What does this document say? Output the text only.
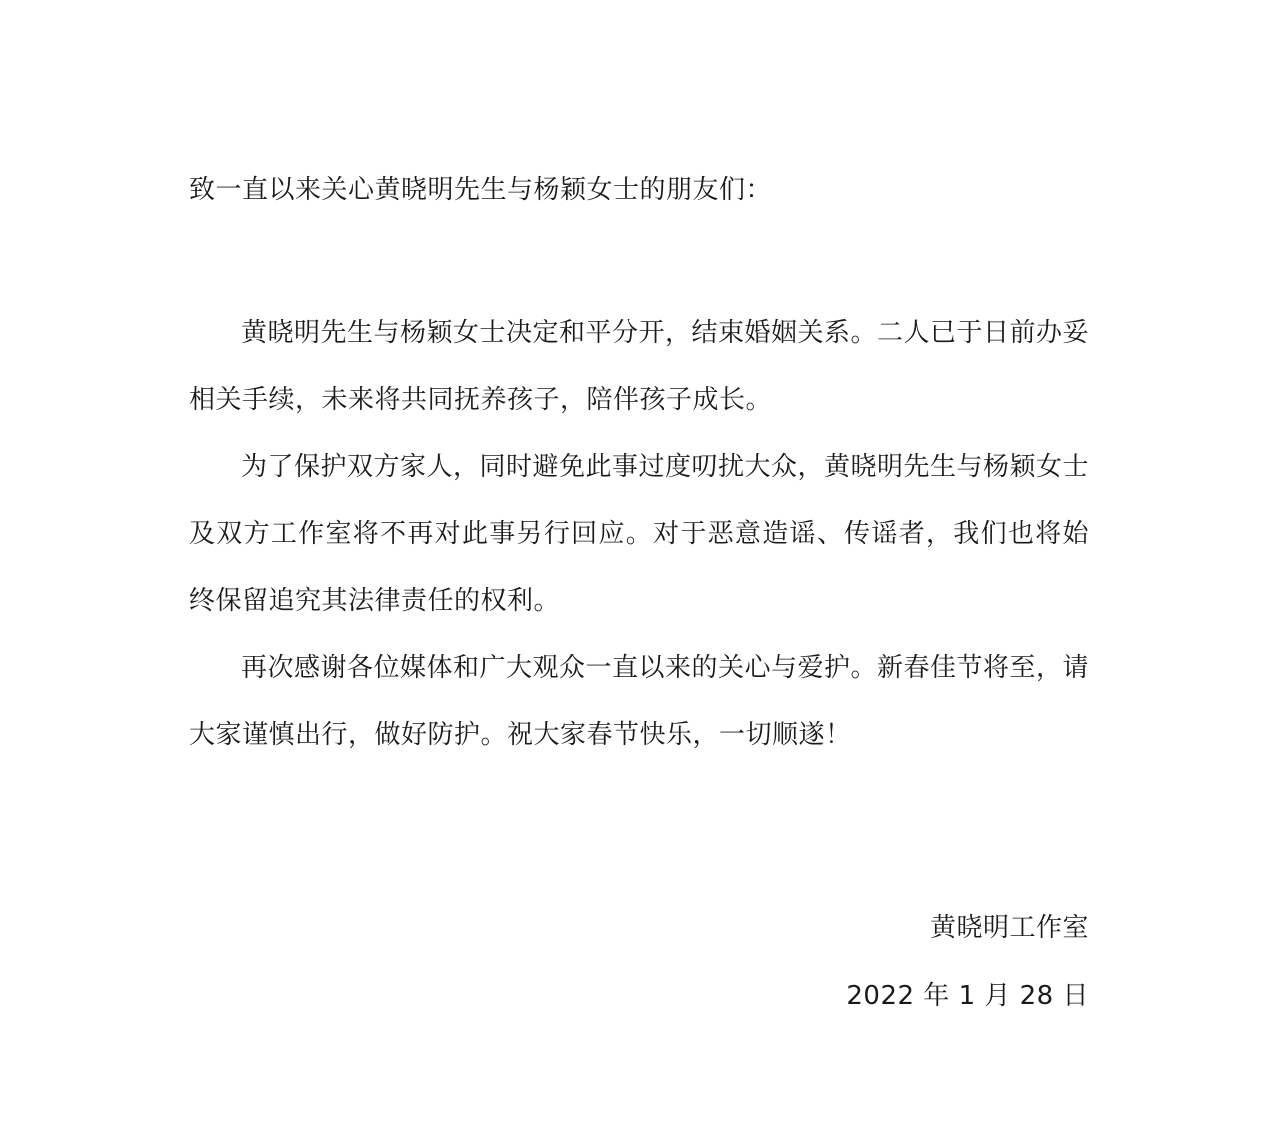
致一直以来关心黄晓明先生与杨颖女士的朋友们：

黄晓明先生与杨颖女士决定和平分开，结束婚姻关系。二人已于日前办妥相关手续，未来将共同抚养孩子，陪伴孩子成长。

为了保护双方家人，同时避免此事过度叨扰大众，黄晓明先生与杨颖女士及双方工作室将不再对此事另行回应。对于恶意造谣、传谣者，我们也将始终保留追究其法律责任的权利。

再次感谢各位媒体和广大观众一直以来的关心与爱护。新春佳节将至，请大家谨慎出行，做好防护。祝大家春节快乐，一切顺遂！

黄晓明工作室
2022 年 1 月 28 日
